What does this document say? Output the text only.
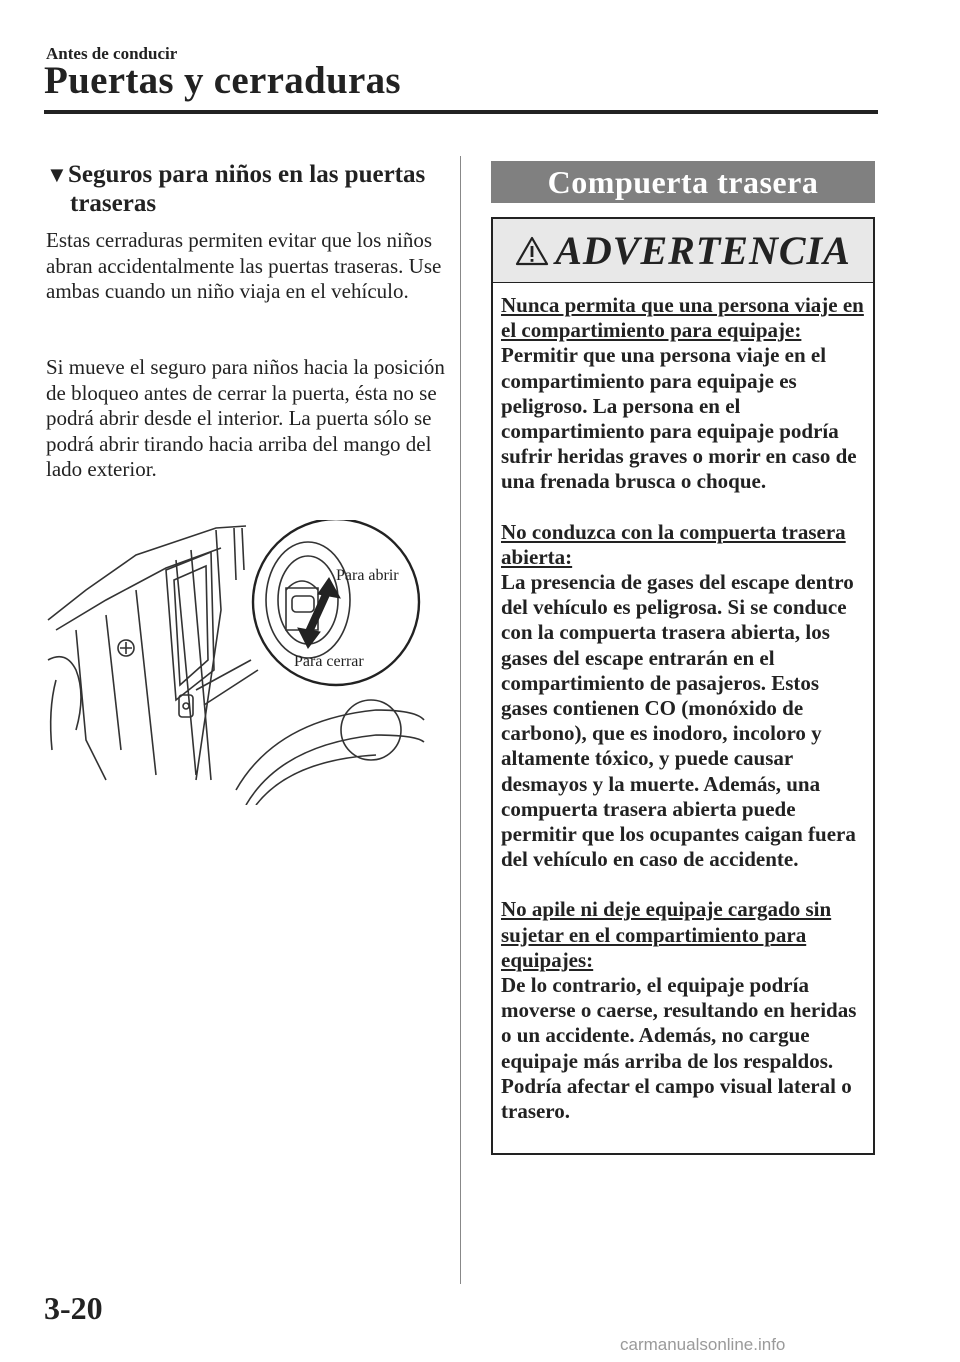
Antes de conducir
Puertas y cerraduras
▼Seguros para niños en las puertas
traseras

Estas cerraduras permiten evitar que los niños abran accidentalmente las puertas traseras. Use ambas cuando un niño viaja en el vehículo.

Si mueve el seguro para niños hacia la posición de bloqueo antes de cerrar la puerta, ésta no se podrá abrir desde el interior. La puerta sólo se podrá abrir tirando hacia arriba del mango del lado exterior.

Para abrir
Para cerrar
Compuerta trasera
ADVERTENCIA
Nunca permita que una persona viaje en el compartimiento para equipaje:
Permitir que una persona viaje en el compartimiento para equipaje es peligroso. La persona en el compartimiento para equipaje podría sufrir heridas graves o morir en caso de una frenada brusca o choque.
No conduzca con la compuerta trasera abierta:
La presencia de gases del escape dentro del vehículo es peligrosa. Si se conduce con la compuerta trasera abierta, los gases del escape entrarán en el compartimiento de pasajeros. Estos gases contienen CO (monóxido de carbono), que es inodoro, incoloro y altamente tóxico, y puede causar desmayos y la muerte. Además, una compuerta trasera abierta puede permitir que los ocupantes caigan fuera del vehículo en caso de accidente.
No apile ni deje equipaje cargado sin sujetar en el compartimiento para equipajes:
De lo contrario, el equipaje podría moverse o caerse, resultando en heridas o un accidente. Además, no cargue equipaje más arriba de los respaldos. Podría afectar el campo visual lateral o trasero.
3-20
carmanualsonline.info
